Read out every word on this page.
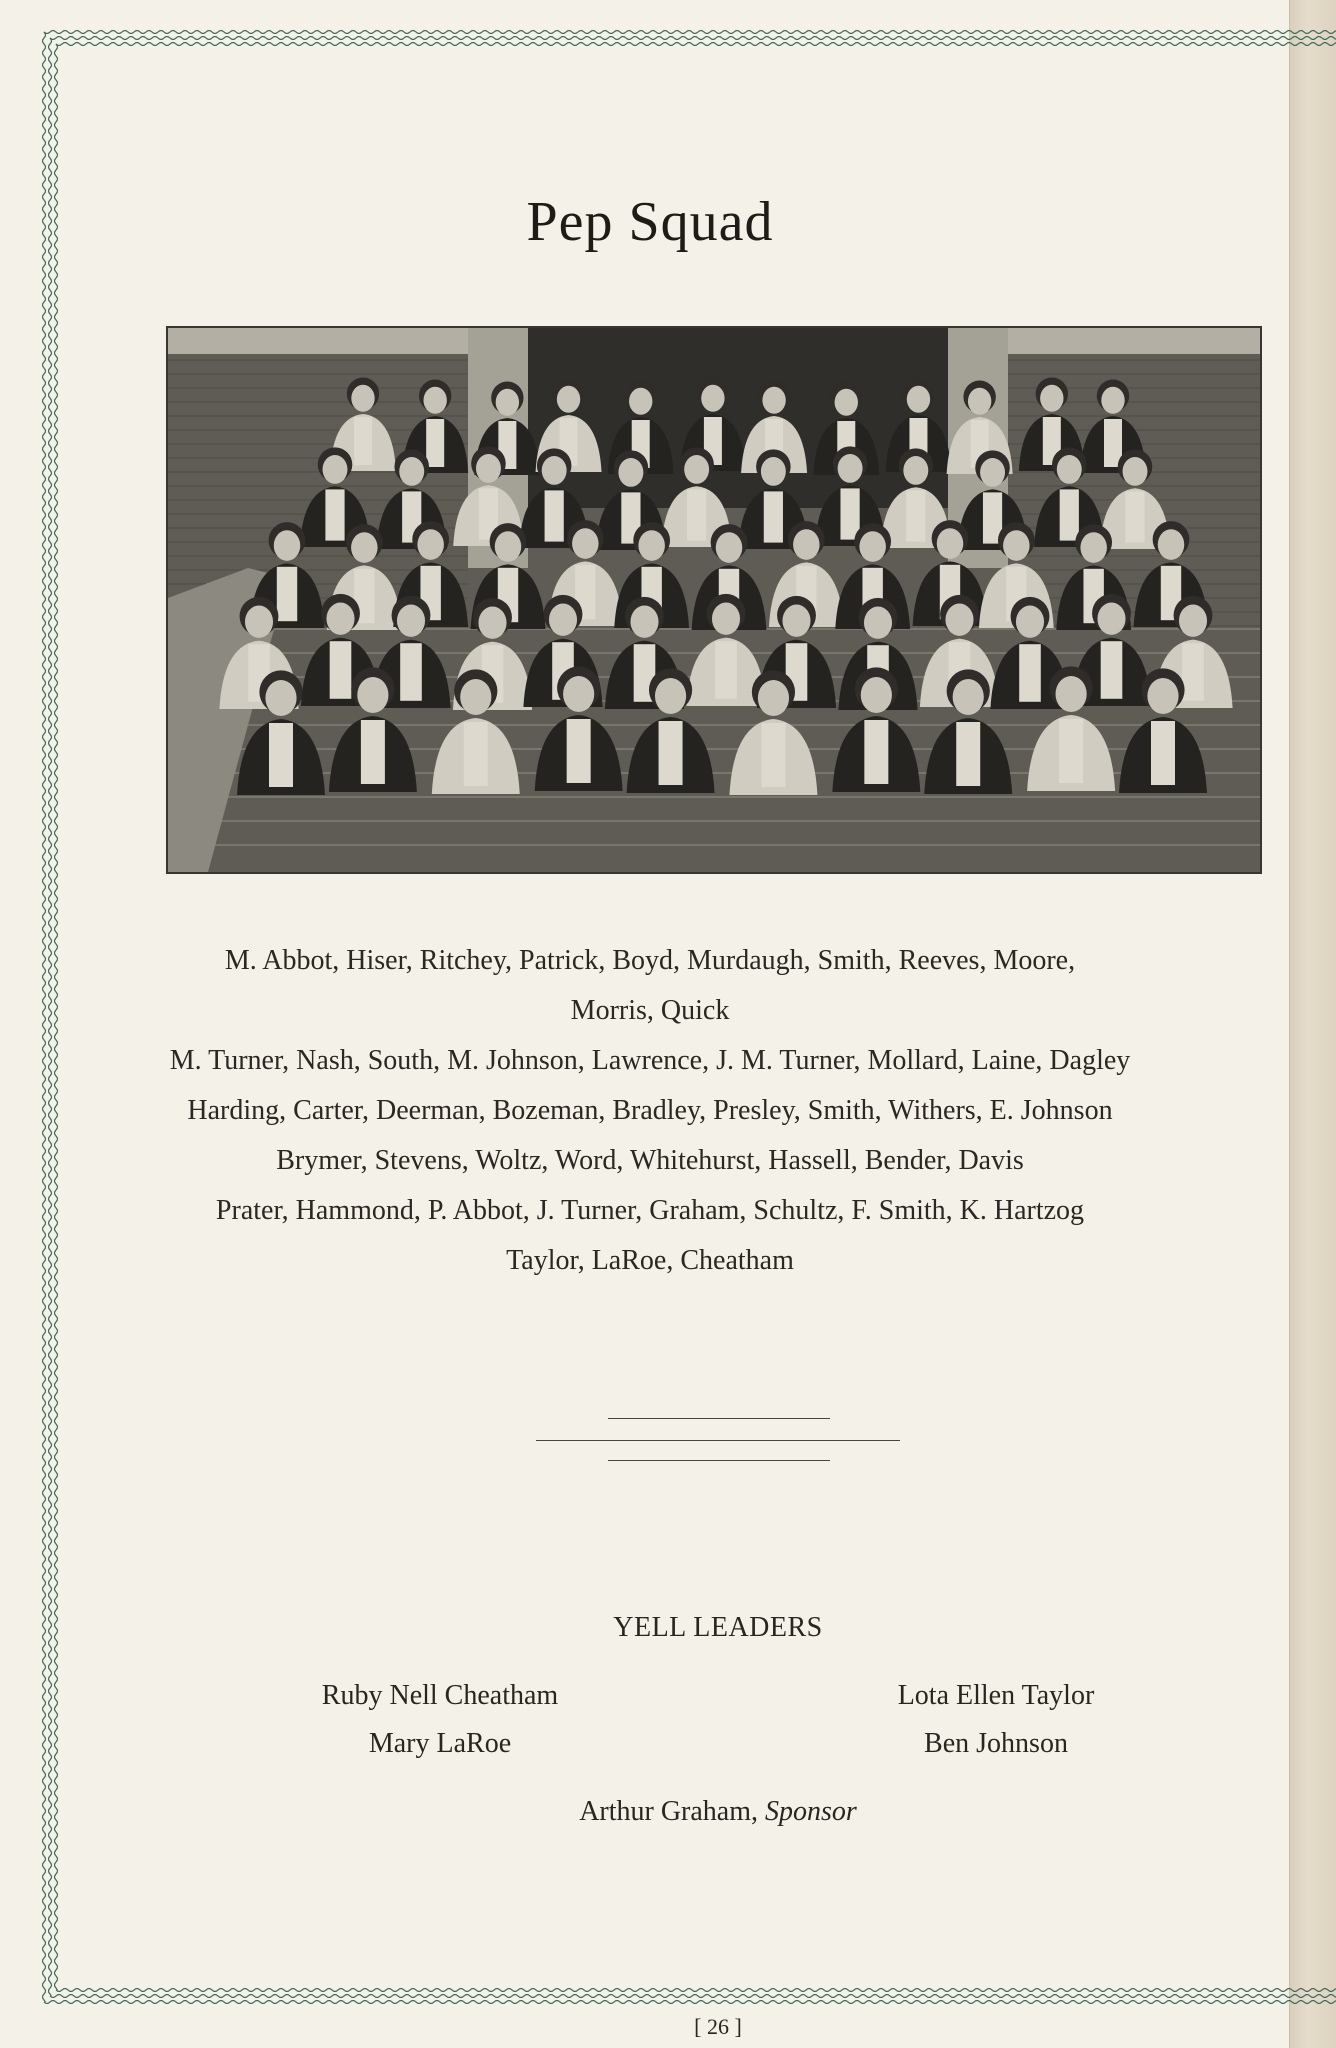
Pep Squad
M. Abbot, Hiser, Ritchey, Patrick, Boyd, Murdaugh, Smith, Reeves, Moore,
Morris, Quick
M. Turner, Nash, South, M. Johnson, Lawrence, J. M. Turner, Mollard, Laine, Dagley
Harding, Carter, Deerman, Bozeman, Bradley, Presley, Smith, Withers, E. Johnson
Brymer, Stevens, Woltz, Word, Whitehurst, Hassell, Bender, Davis
Prater, Hammond, P. Abbot, J. Turner, Graham, Schultz, F. Smith, K. Hartzog
Taylor, LaRoe, Cheatham
YELL LEADERS
Ruby Nell Cheatham
Mary LaRoe
Lota Ellen Taylor
Ben Johnson
Arthur Graham, Sponsor
[ 26 ]
